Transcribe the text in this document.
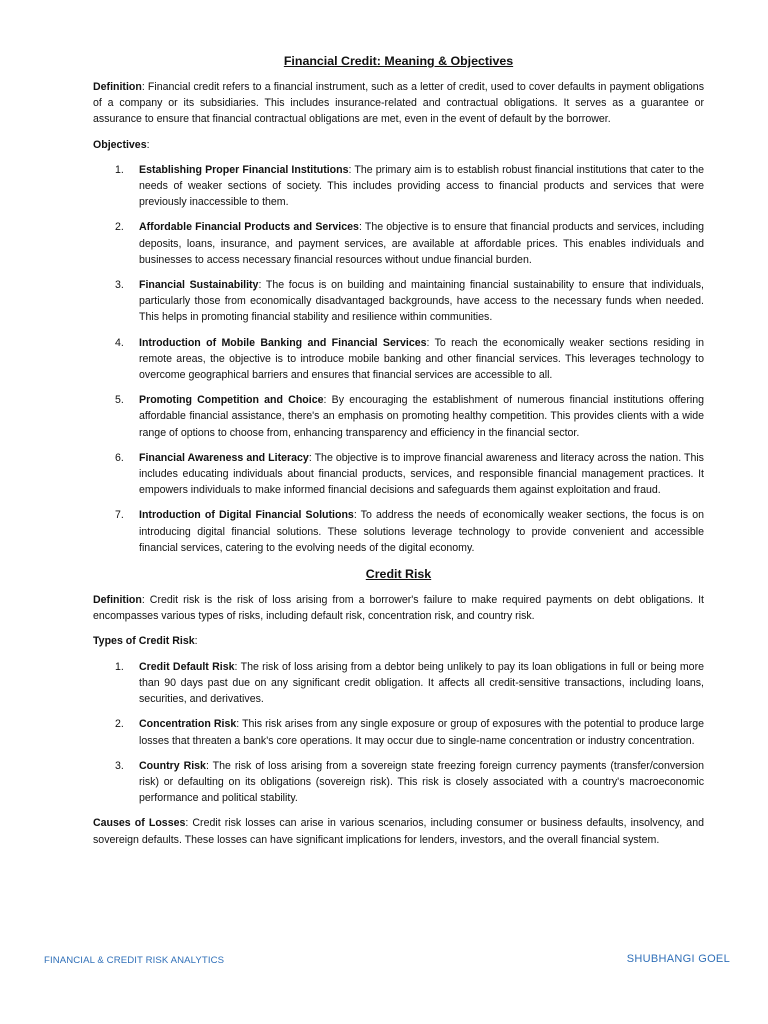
Financial Credit: Meaning & Objectives

Definition: Financial credit refers to a financial instrument, such as a letter of credit, used to cover defaults in payment obligations of a company or its subsidiaries. This includes insurance-related and contractual obligations. It serves as a guarantee or assurance to ensure that financial contractual obligations are met, even in the event of default by the borrower.

Objectives:

1. Establishing Proper Financial Institutions: The primary aim is to establish robust financial institutions that cater to the needs of weaker sections of society. This includes providing access to financial products and services that were previously inaccessible to them.
2. Affordable Financial Products and Services: The objective is to ensure that financial products and services, including deposits, loans, insurance, and payment services, are available at affordable prices. This enables individuals and businesses to access necessary financial resources without undue financial burden.
3. Financial Sustainability: The focus is on building and maintaining financial sustainability to ensure that individuals, particularly those from economically disadvantaged backgrounds, have access to the necessary funds when needed. This helps in promoting financial stability and resilience within communities.
4. Introduction of Mobile Banking and Financial Services: To reach the economically weaker sections residing in remote areas, the objective is to introduce mobile banking and other financial services. This leverages technology to overcome geographical barriers and ensures that financial services are accessible to all.
5. Promoting Competition and Choice: By encouraging the establishment of numerous financial institutions offering affordable financial assistance, there's an emphasis on promoting healthy competition. This provides clients with a wide range of options to choose from, enhancing transparency and efficiency in the financial sector.
6. Financial Awareness and Literacy: The objective is to improve financial awareness and literacy across the nation. This includes educating individuals about financial products, services, and responsible financial management practices. It empowers individuals to make informed financial decisions and safeguards them against exploitation and fraud.
7. Introduction of Digital Financial Solutions: To address the needs of economically weaker sections, the focus is on introducing digital financial solutions. These solutions leverage technology to provide convenient and accessible financial services, catering to the evolving needs of the digital economy.
Credit Risk

Definition: Credit risk is the risk of loss arising from a borrower's failure to make required payments on debt obligations. It encompasses various types of risks, including default risk, concentration risk, and country risk.

Types of Credit Risk:

1. Credit Default Risk: The risk of loss arising from a debtor being unlikely to pay its loan obligations in full or being more than 90 days past due on any significant credit obligation. It affects all credit-sensitive transactions, including loans, securities, and derivatives.
2. Concentration Risk: This risk arises from any single exposure or group of exposures with the potential to produce large losses that threaten a bank's core operations. It may occur due to single-name concentration or industry concentration.
3. Country Risk: The risk of loss arising from a sovereign state freezing foreign currency payments (transfer/conversion risk) or defaulting on its obligations (sovereign risk). This risk is closely associated with a country's macroeconomic performance and political stability.

Causes of Losses: Credit risk losses can arise in various scenarios, including consumer or business defaults, insolvency, and sovereign defaults. These losses can have significant implications for lenders, investors, and the overall financial system.

FINANCIAL & CREDIT RISK ANALYTICS	SHUBHANGI GOEL
